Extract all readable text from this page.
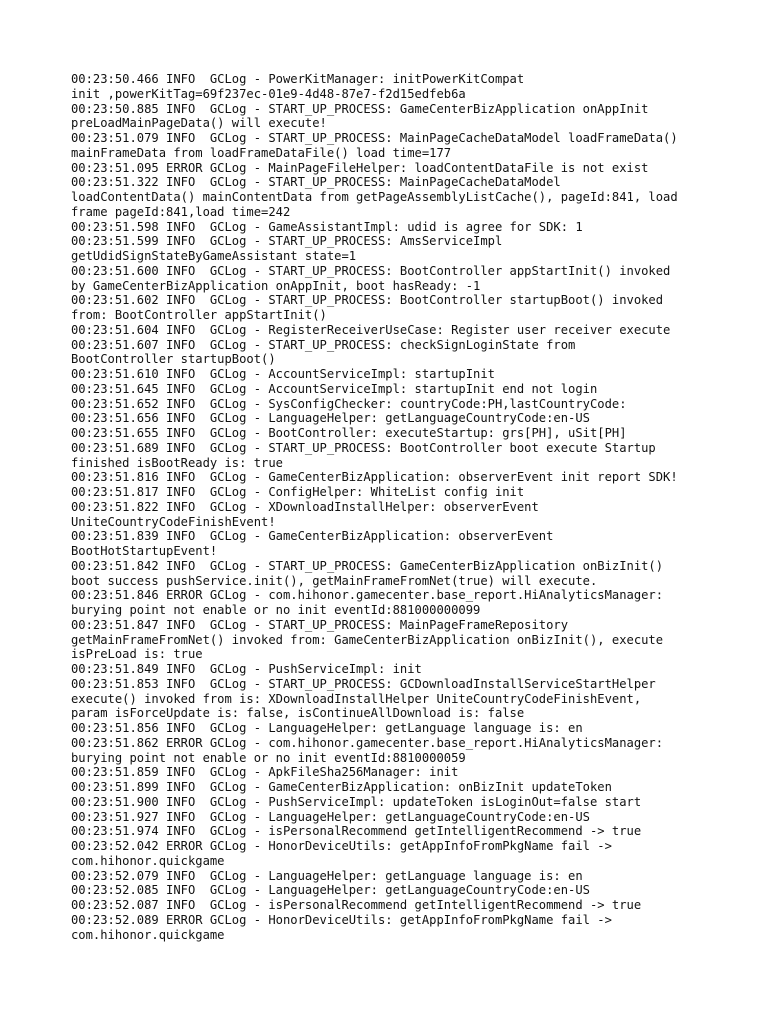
00:23:50.466 INFO  GCLog - PowerKitManager: initPowerKitCompat
init ,powerKitTag=69f237ec-01e9-4d48-87e7-f2d15edfeb6a
00:23:50.885 INFO  GCLog - START_UP_PROCESS: GameCenterBizApplication onAppInit
preLoadMainPageData() will execute!
00:23:51.079 INFO  GCLog - START_UP_PROCESS: MainPageCacheDataModel loadFrameData()
mainFrameData from loadFrameDataFile() load time=177
00:23:51.095 ERROR GCLog - MainPageFileHelper: loadContentDataFile is not exist
00:23:51.322 INFO  GCLog - START_UP_PROCESS: MainPageCacheDataModel
loadContentData() mainContentData from getPageAssemblyListCache(), pageId:841, load
frame pageId:841,load time=242
00:23:51.598 INFO  GCLog - GameAssistantImpl: udid is agree for SDK: 1
00:23:51.599 INFO  GCLog - START_UP_PROCESS: AmsServiceImpl
getUdidSignStateByGameAssistant state=1
00:23:51.600 INFO  GCLog - START_UP_PROCESS: BootController appStartInit() invoked
by GameCenterBizApplication onAppInit, boot hasReady: -1
00:23:51.602 INFO  GCLog - START_UP_PROCESS: BootController startupBoot() invoked
from: BootController appStartInit()
00:23:51.604 INFO  GCLog - RegisterReceiverUseCase: Register user receiver execute
00:23:51.607 INFO  GCLog - START_UP_PROCESS: checkSignLoginState from
BootController startupBoot()
00:23:51.610 INFO  GCLog - AccountServiceImpl: startupInit
00:23:51.645 INFO  GCLog - AccountServiceImpl: startupInit end not login
00:23:51.652 INFO  GCLog - SysConfigChecker: countryCode:PH,lastCountryCode:
00:23:51.656 INFO  GCLog - LanguageHelper: getLanguageCountryCode:en-US
00:23:51.655 INFO  GCLog - BootController: executeStartup: grs[PH], uSit[PH]
00:23:51.689 INFO  GCLog - START_UP_PROCESS: BootController boot execute Startup
finished isBootReady is: true
00:23:51.816 INFO  GCLog - GameCenterBizApplication: observerEvent init report SDK!
00:23:51.817 INFO  GCLog - ConfigHelper: WhiteList config init
00:23:51.822 INFO  GCLog - XDownloadInstallHelper: observerEvent
UniteCountryCodeFinishEvent!
00:23:51.839 INFO  GCLog - GameCenterBizApplication: observerEvent
BootHotStartupEvent!
00:23:51.842 INFO  GCLog - START_UP_PROCESS: GameCenterBizApplication onBizInit()
boot success pushService.init(), getMainFrameFromNet(true) will execute.
00:23:51.846 ERROR GCLog - com.hihonor.gamecenter.base_report.HiAnalyticsManager:
burying point not enable or no init eventId:881000000099
00:23:51.847 INFO  GCLog - START_UP_PROCESS: MainPageFrameRepository
getMainFrameFromNet() invoked from: GameCenterBizApplication onBizInit(), execute
isPreLoad is: true
00:23:51.849 INFO  GCLog - PushServiceImpl: init
00:23:51.853 INFO  GCLog - START_UP_PROCESS: GCDownloadInstallServiceStartHelper
execute() invoked from is: XDownloadInstallHelper UniteCountryCodeFinishEvent,
param isForceUpdate is: false, isContinueAllDownload is: false
00:23:51.856 INFO  GCLog - LanguageHelper: getLanguage language is: en
00:23:51.862 ERROR GCLog - com.hihonor.gamecenter.base_report.HiAnalyticsManager:
burying point not enable or no init eventId:8810000059
00:23:51.859 INFO  GCLog - ApkFileSha256Manager: init
00:23:51.899 INFO  GCLog - GameCenterBizApplication: onBizInit updateToken
00:23:51.900 INFO  GCLog - PushServiceImpl: updateToken isLoginOut=false start
00:23:51.927 INFO  GCLog - LanguageHelper: getLanguageCountryCode:en-US
00:23:51.974 INFO  GCLog - isPersonalRecommend getIntelligentRecommend -> true
00:23:52.042 ERROR GCLog - HonorDeviceUtils: getAppInfoFromPkgName fail ->
com.hihonor.quickgame
00:23:52.079 INFO  GCLog - LanguageHelper: getLanguage language is: en
00:23:52.085 INFO  GCLog - LanguageHelper: getLanguageCountryCode:en-US
00:23:52.087 INFO  GCLog - isPersonalRecommend getIntelligentRecommend -> true
00:23:52.089 ERROR GCLog - HonorDeviceUtils: getAppInfoFromPkgName fail ->
com.hihonor.quickgame
